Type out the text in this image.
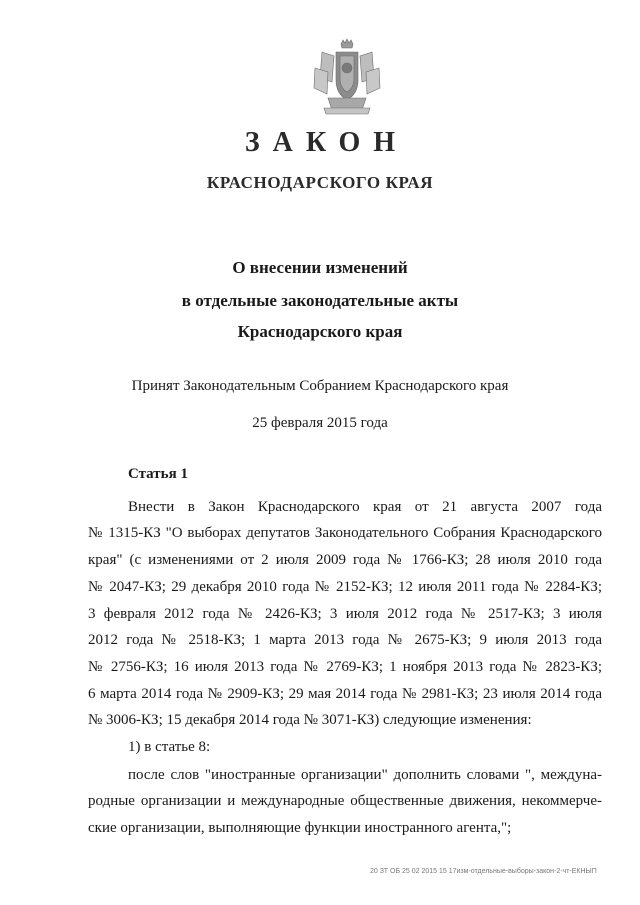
ЗАКОН
КРАСНОДАРСКОГО КРАЯ
О внесении изменений
в отдельные законодательные акты
Краснодарского края
Принят Законодательным Собранием Краснодарского края
25 февраля 2015 года
Статья 1
Внести в Закон Краснодарского края от 21 августа 2007 года
№ 1315-КЗ "О выборах депутатов Законодательного Собрания Краснодарского
края" (с изменениями от 2 июля 2009 года № 1766-КЗ; 28 июля 2010 года
№ 2047-КЗ; 29 декабря 2010 года № 2152-КЗ; 12 июля 2011 года № 2284-КЗ;
3 февраля 2012 года № 2426-КЗ; 3 июля 2012 года № 2517-КЗ; 3 июля
2012 года № 2518-КЗ; 1 марта 2013 года № 2675-КЗ; 9 июля 2013 года
№ 2756-КЗ; 16 июля 2013 года № 2769-КЗ; 1 ноября 2013 года № 2823-КЗ;
6 марта 2014 года № 2909-КЗ; 29 мая 2014 года № 2981-КЗ; 23 июля 2014 года
№ 3006-КЗ; 15 декабря 2014 года № 3071-КЗ) следующие изменения:
1) в статье 8:
после слов "иностранные организации" дополнить словами ", междуна-
родные организации и международные общественные движения, некоммерче-
ские организации, выполняющие функции иностранного агента,";
20 ЗТ ОБ 25 02 2015 15 17изм-отдельные-выборы-закон-2-чт-ЕКНЫП
